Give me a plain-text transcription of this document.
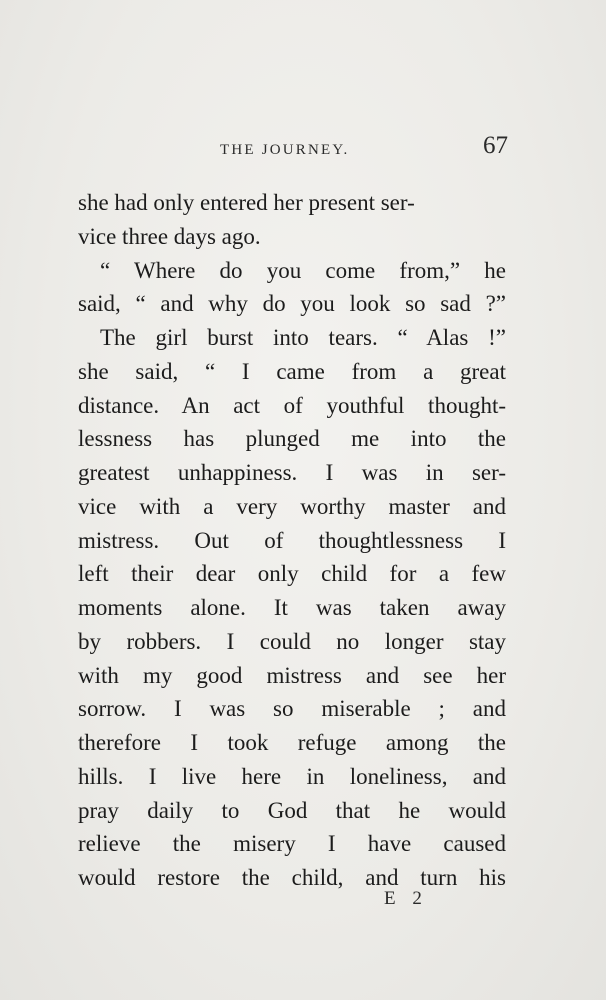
THE JOURNEY.	67
she had only entered her present ser-
vice three days ago.
“ Where do you come from,” he
said, “ and why do you look so sad ?”
The girl burst into tears. “ Alas !”
she said, “ I came from a great
distance. An act of youthful thought-
lessness has plunged me into the
greatest unhappiness. I was in ser-
vice with a very worthy master and
mistress. Out of thoughtlessness I
left their dear only child for a few
moments alone. It was taken away
by robbers. I could no longer stay
with my good mistress and see her
sorrow. I was so miserable ; and
therefore I took refuge among the
hills. I live here in loneliness, and
pray daily to God that he would
relieve the misery I have caused
would restore the child, and turn his
E 2
